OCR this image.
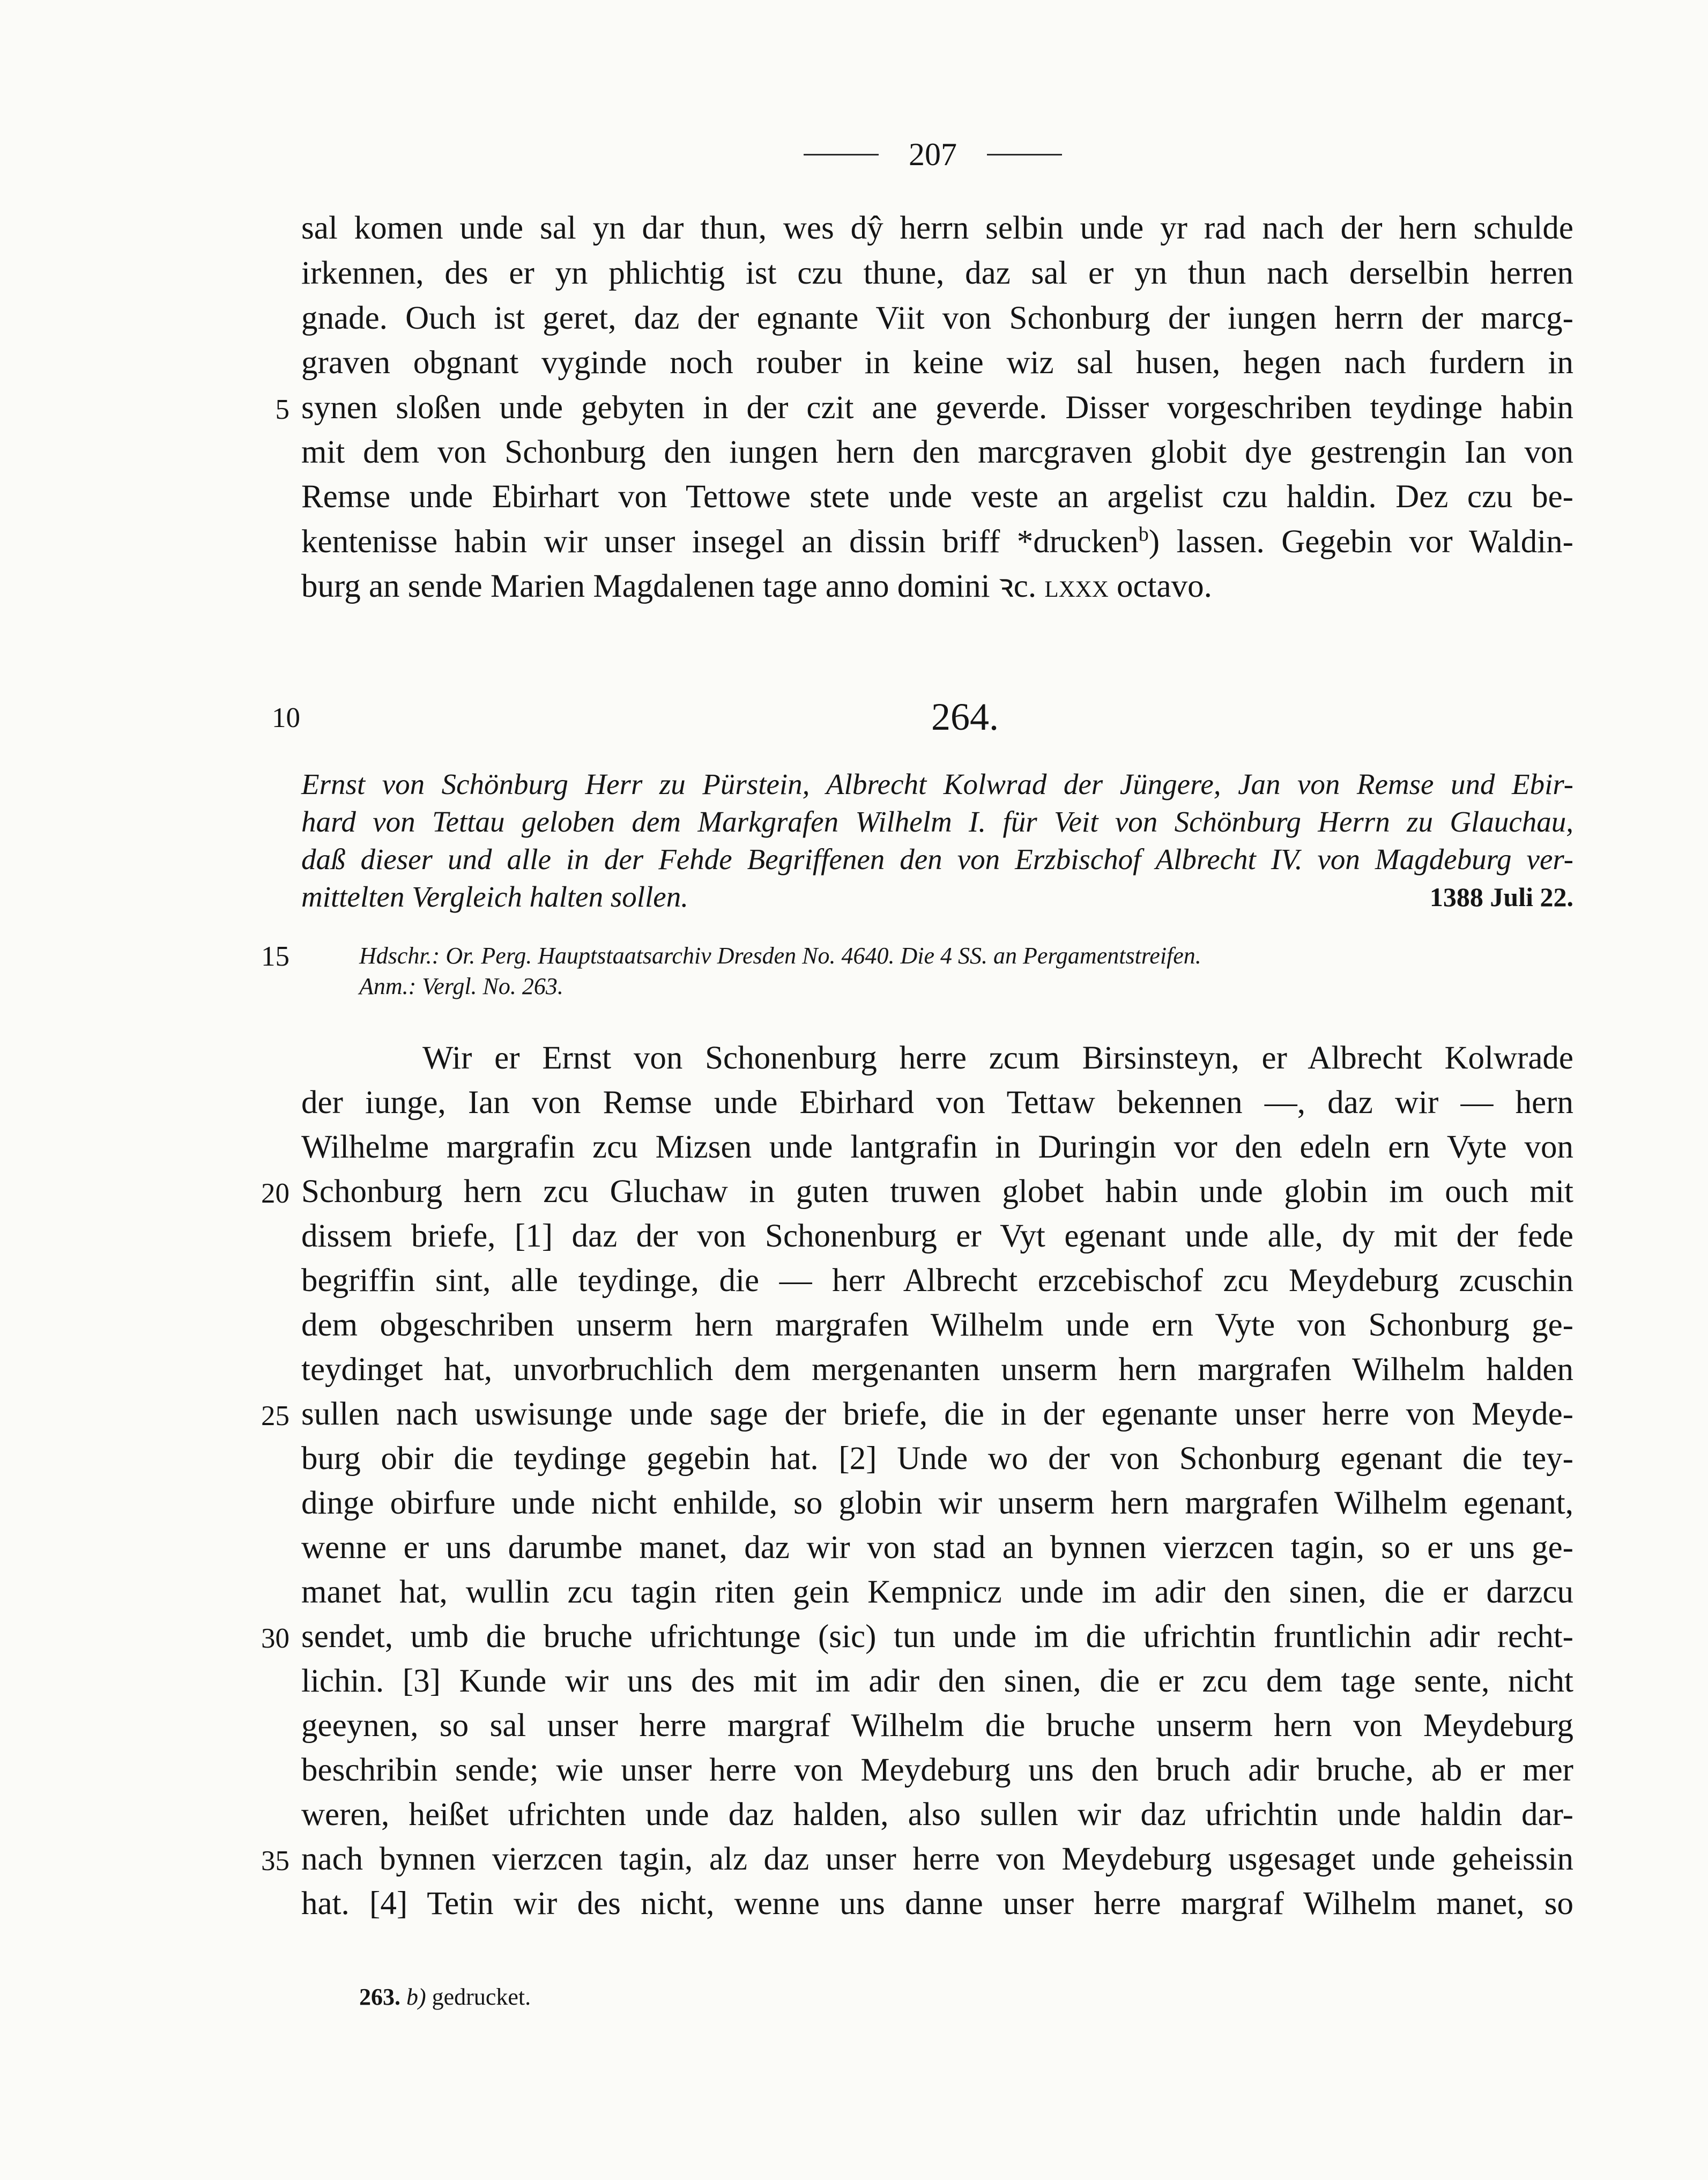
207
sal komen unde sal yn dar thun, wes dŷ herrn selbin unde yr rad nach der hern schulde
irkennen, des er yn phlichtig ist czu thune, daz sal er yn thun nach derselbin herren
gnade. Ouch ist geret, daz der egnante Viit von Schonburg der iungen herrn der marcg-
graven obgnant vyginde noch rouber in keine wiz sal husen, hegen nach furdern in
synen sloßen unde gebyten in der czit ane geverde. Disser vorgeschriben teydinge habin
mit dem von Schonburg den iungen hern den marcgraven globit dye gestrengin Ian von
Remse unde Ebirhart von Tettowe stete unde veste an argelist czu haldin. Dez czu be-
kentenisse habin wir unser insegel an dissin briff *drucken$^b$) lassen. Gegebin vor Waldin-
burg an sende Marien Magdalenen tage anno domini ꝛc. lxxx octavo.
5
10	264.
Ernst von Schönburg Herr zu Pürstein, Albrecht Kolwrad der Jüngere, Jan von Remse und Ebir-
hard von Tettau geloben dem Markgrafen Wilhelm I. für Veit von Schönburg Herrn zu Glauchau,
daß dieser und alle in der Fehde Begriffenen den von Erzbischof Albrecht IV. von Magdeburg ver-
mittelten Vergleich halten sollen.	1388 Juli 22.
15	Hdschr.: Or. Perg. Hauptstaatsarchiv Dresden No. 4640. Die 4 SS. an Pergamentstreifen.
Anm.: Vergl. No. 263.
Wir er Ernst von Schonenburg herre zcum Birsinsteyn, er Albrecht Kolwrade
der iunge, Ian von Remse unde Ebirhard von Tettaw bekennen —, daz wir — hern
Wilhelme margrafin zcu Mizsen unde lantgrafin in Duringin vor den edeln ern Vyte von
Schonburg hern zcu Gluchaw in guten truwen globet habin unde globin im ouch mit
dissem briefe, [1] daz der von Schonenburg er Vyt egenant unde alle, dy mit der fede
begriffin sint, alle teydinge, die — herr Albrecht erzcebischof zcu Meydeburg zcuschin
dem obgeschriben unserm hern margrafen Wilhelm unde ern Vyte von Schonburg ge-
teydinget hat, unvorbruchlich dem mergenanten unserm hern margrafen Wilhelm halden
sullen nach uswisunge unde sage der briefe, die in der egenante unser herre von Meyde-
burg obir die teydinge gegebin hat. [2] Unde wo der von Schonburg egenant die tey-
dinge obirfure unde nicht enhilde, so globin wir unserm hern margrafen Wilhelm egenant,
wenne er uns darumbe manet, daz wir von stad an bynnen vierzcen tagin, so er uns ge-
manet hat, wullin zcu tagin riten gein Kempnicz unde im adir den sinen, die er darzcu
sendet, umb die bruche ufrichtunge (sic) tun unde im die ufrichtin fruntlichin adir recht-
lichin. [3] Kunde wir uns des mit im adir den sinen, die er zcu dem tage sente, nicht
geeynen, so sal unser herre margraf Wilhelm die bruche unserm hern von Meydeburg
beschribin sende; wie unser herre von Meydeburg uns den bruch adir bruche, ab er mer
weren, heißet ufrichten unde daz halden, also sullen wir daz ufrichtin unde haldin dar-
nach bynnen vierzcen tagin, alz daz unser herre von Meydeburg usgesaget unde geheissin
hat. [4] Tetin wir des nicht, wenne uns danne unser herre margraf Wilhelm manet, so
20
25
30
35
263. b) gedrucket.
